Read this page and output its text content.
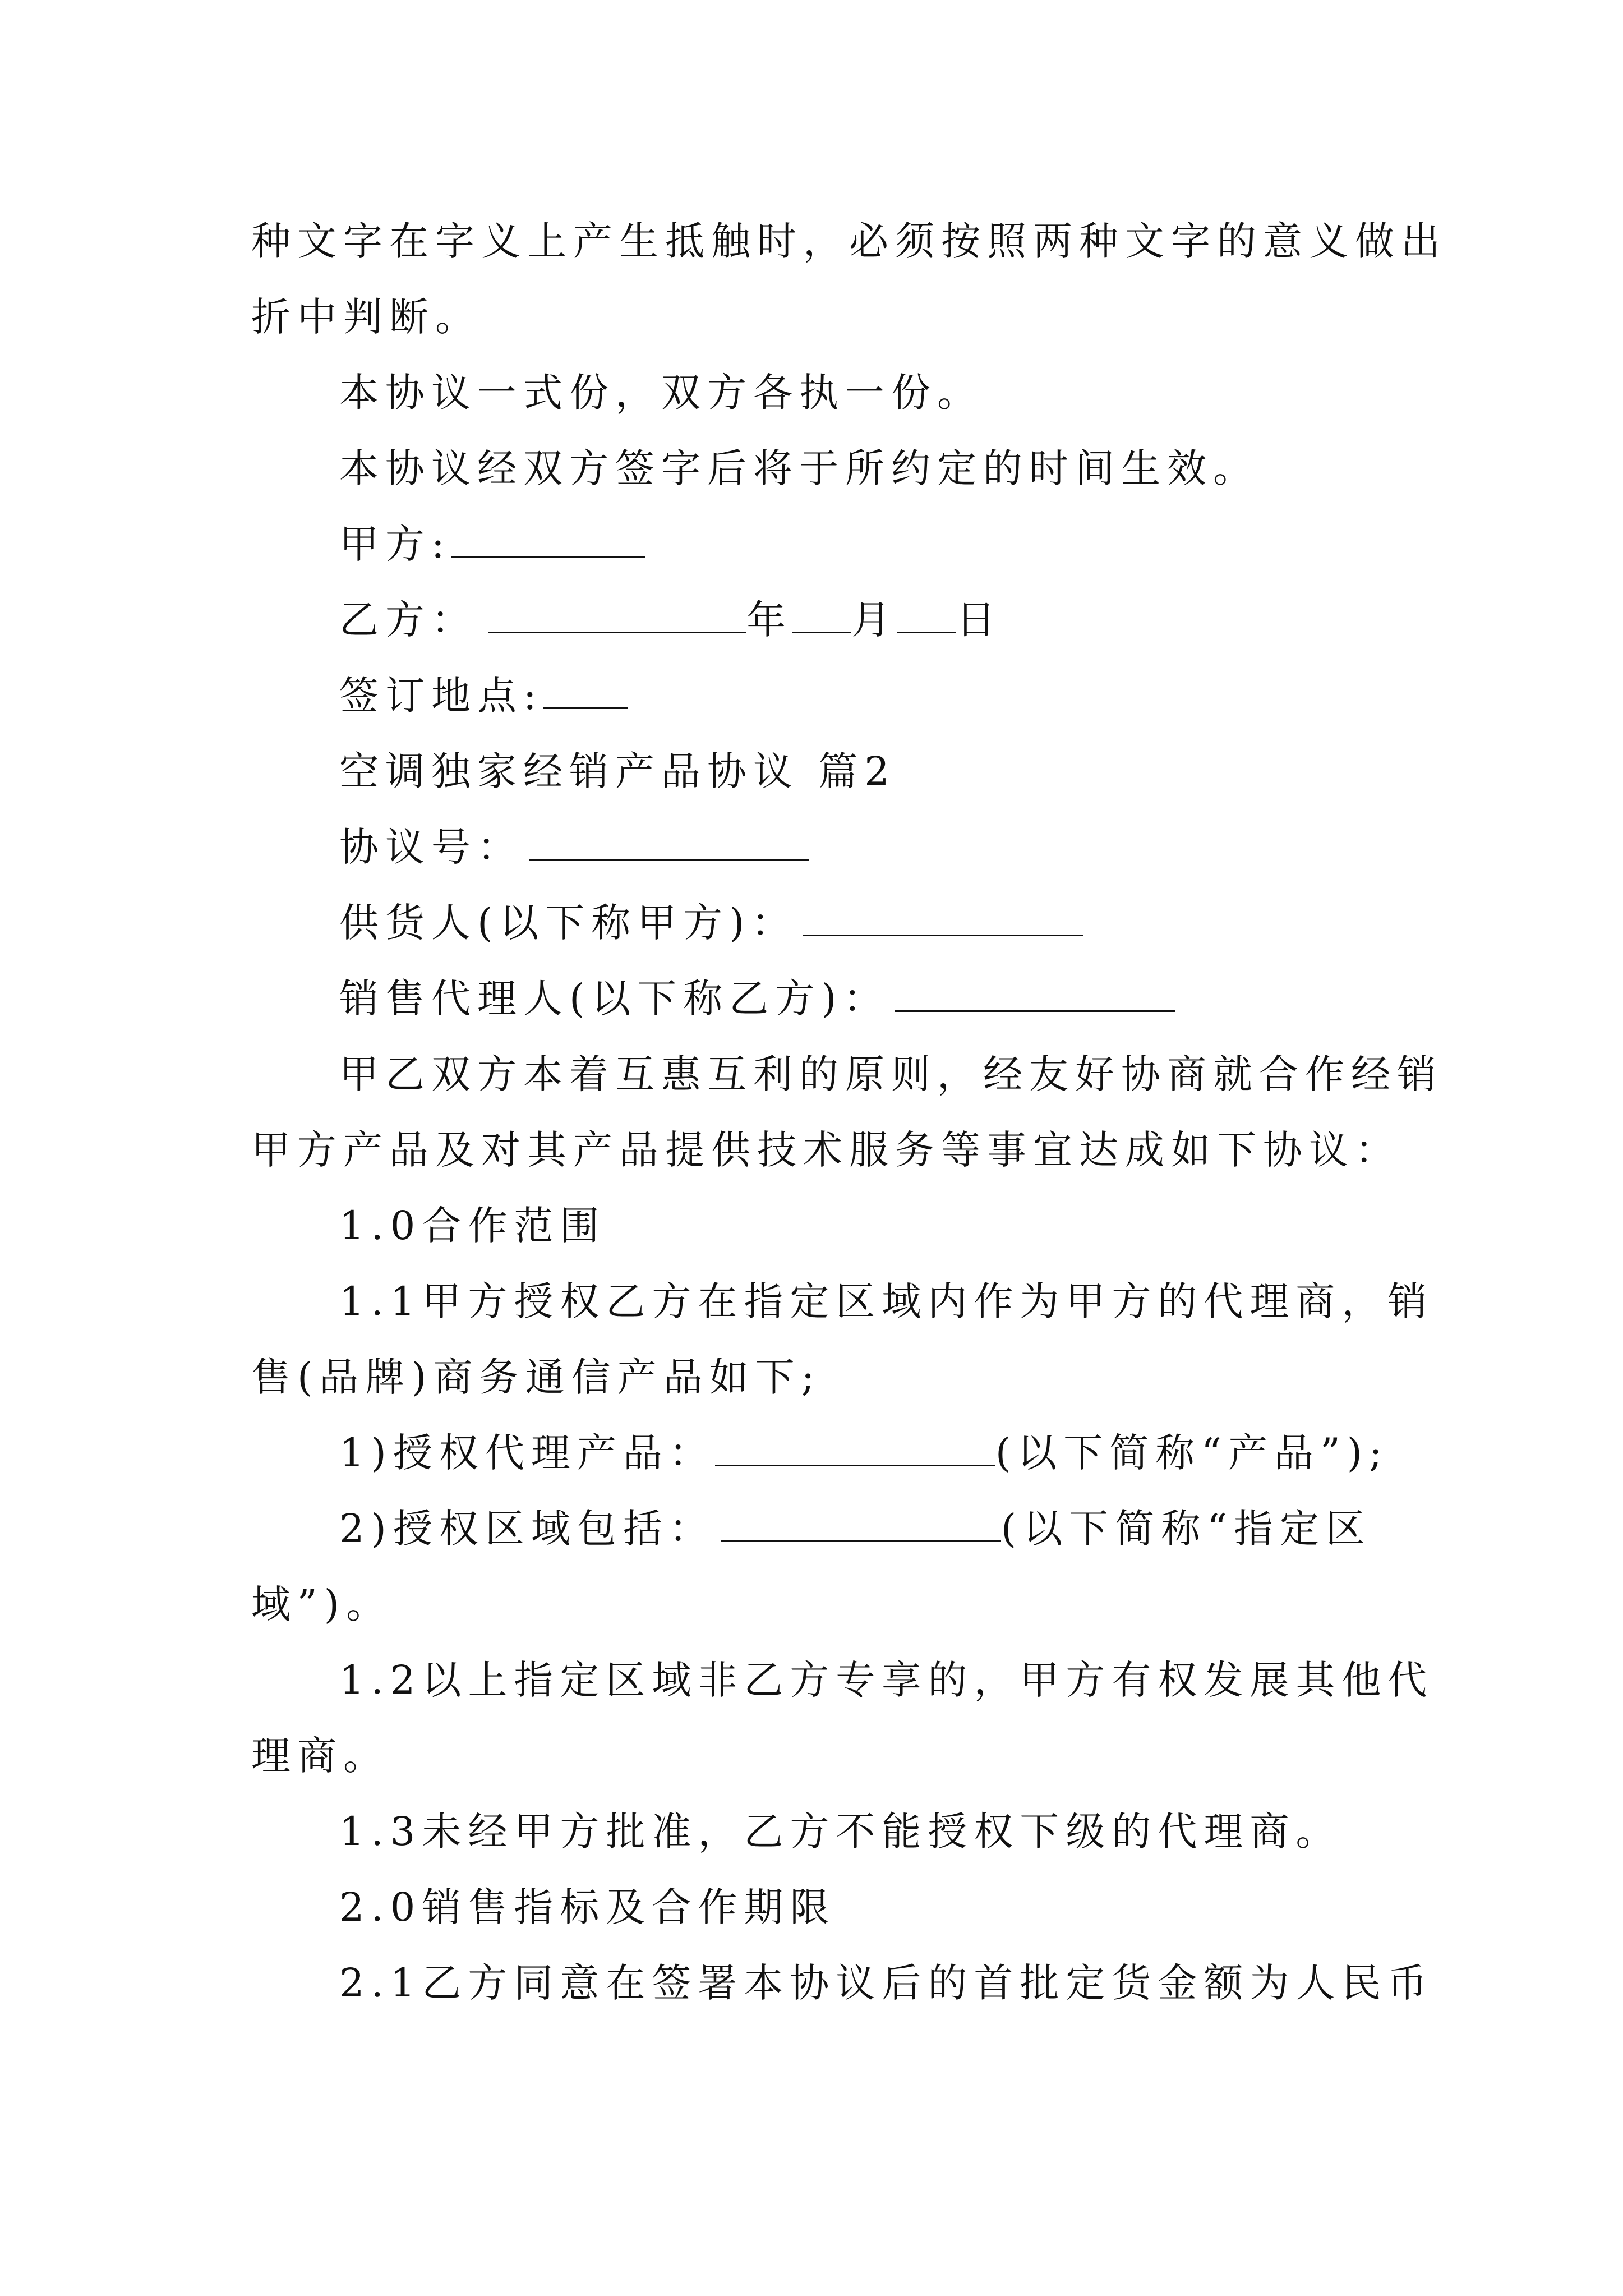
种文字在字义上产生抵触时，必须按照两种文字的意义做出
折中判断。
本协议一式份，双方各执一份。
本协议经双方签字后将于所约定的时间生效。
甲方:
乙方：	年 月 日
签订地点:
空调独家经销产品协议 篇2
协议号：
供货人(以下称甲方)：
销售代理人(以下称乙方)：
甲乙双方本着互惠互利的原则，经友好协商就合作经销
甲方产品及对其产品提供技术服务等事宜达成如下协议：
1.0合作范围
1.1甲方授权乙方在指定区域内作为甲方的代理商，销
售(品牌)商务通信产品如下;
1)授权代理产品：	(以下简称“产品”);
2)授权区域包括：	(以下简称“指定区
域”)。
1.2以上指定区域非乙方专享的，甲方有权发展其他代
理商。
1.3未经甲方批准，乙方不能授权下级的代理商。
2.0销售指标及合作期限
2.1乙方同意在签署本协议后的首批定货金额为人民币
